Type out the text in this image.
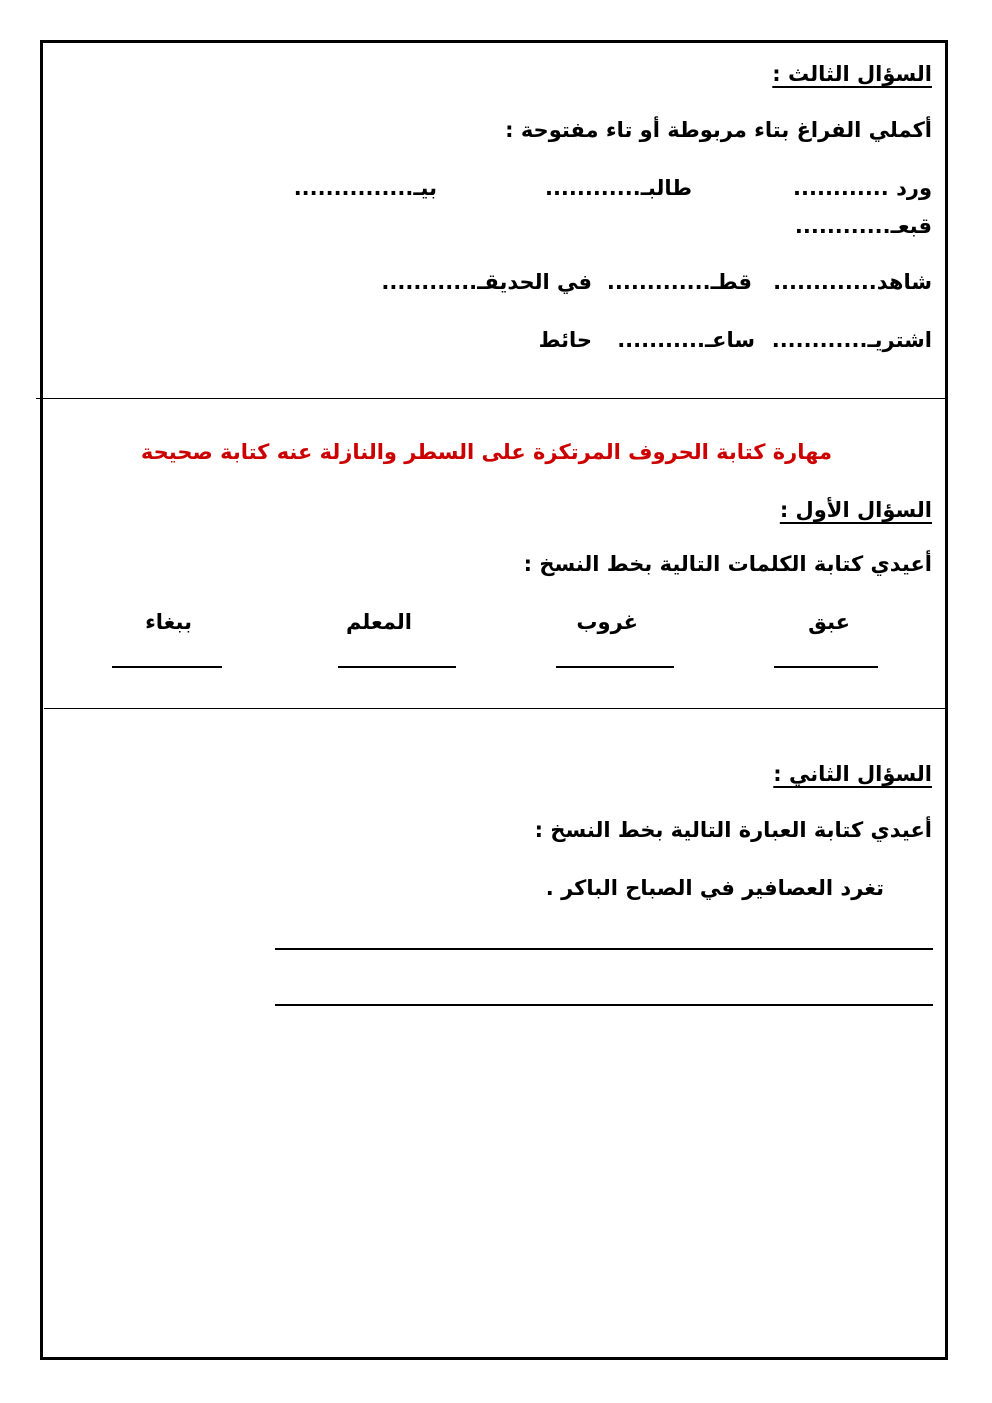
السؤال الثالث :
أكملي الفراغ بتاء مربوطة أو تاء مفتوحة :
ورد ............
طالبـ............
بيـ...............
قبعـ............
شاهد.............
قطـ.............
في الحديقـ............
اشتريـ............
ساعـ...........
حائط
مهارة كتابة الحروف المرتكزة على السطر والنازلة عنه كتابة صحيحة
السؤال الأول :
أعيدي كتابة الكلمات التالية بخط النسخ :
عبق
غروب
المعلم
ببغاء
السؤال الثاني :
أعيدي كتابة العبارة التالية بخط النسخ :
تغرد العصافير في الصباح الباكر .
